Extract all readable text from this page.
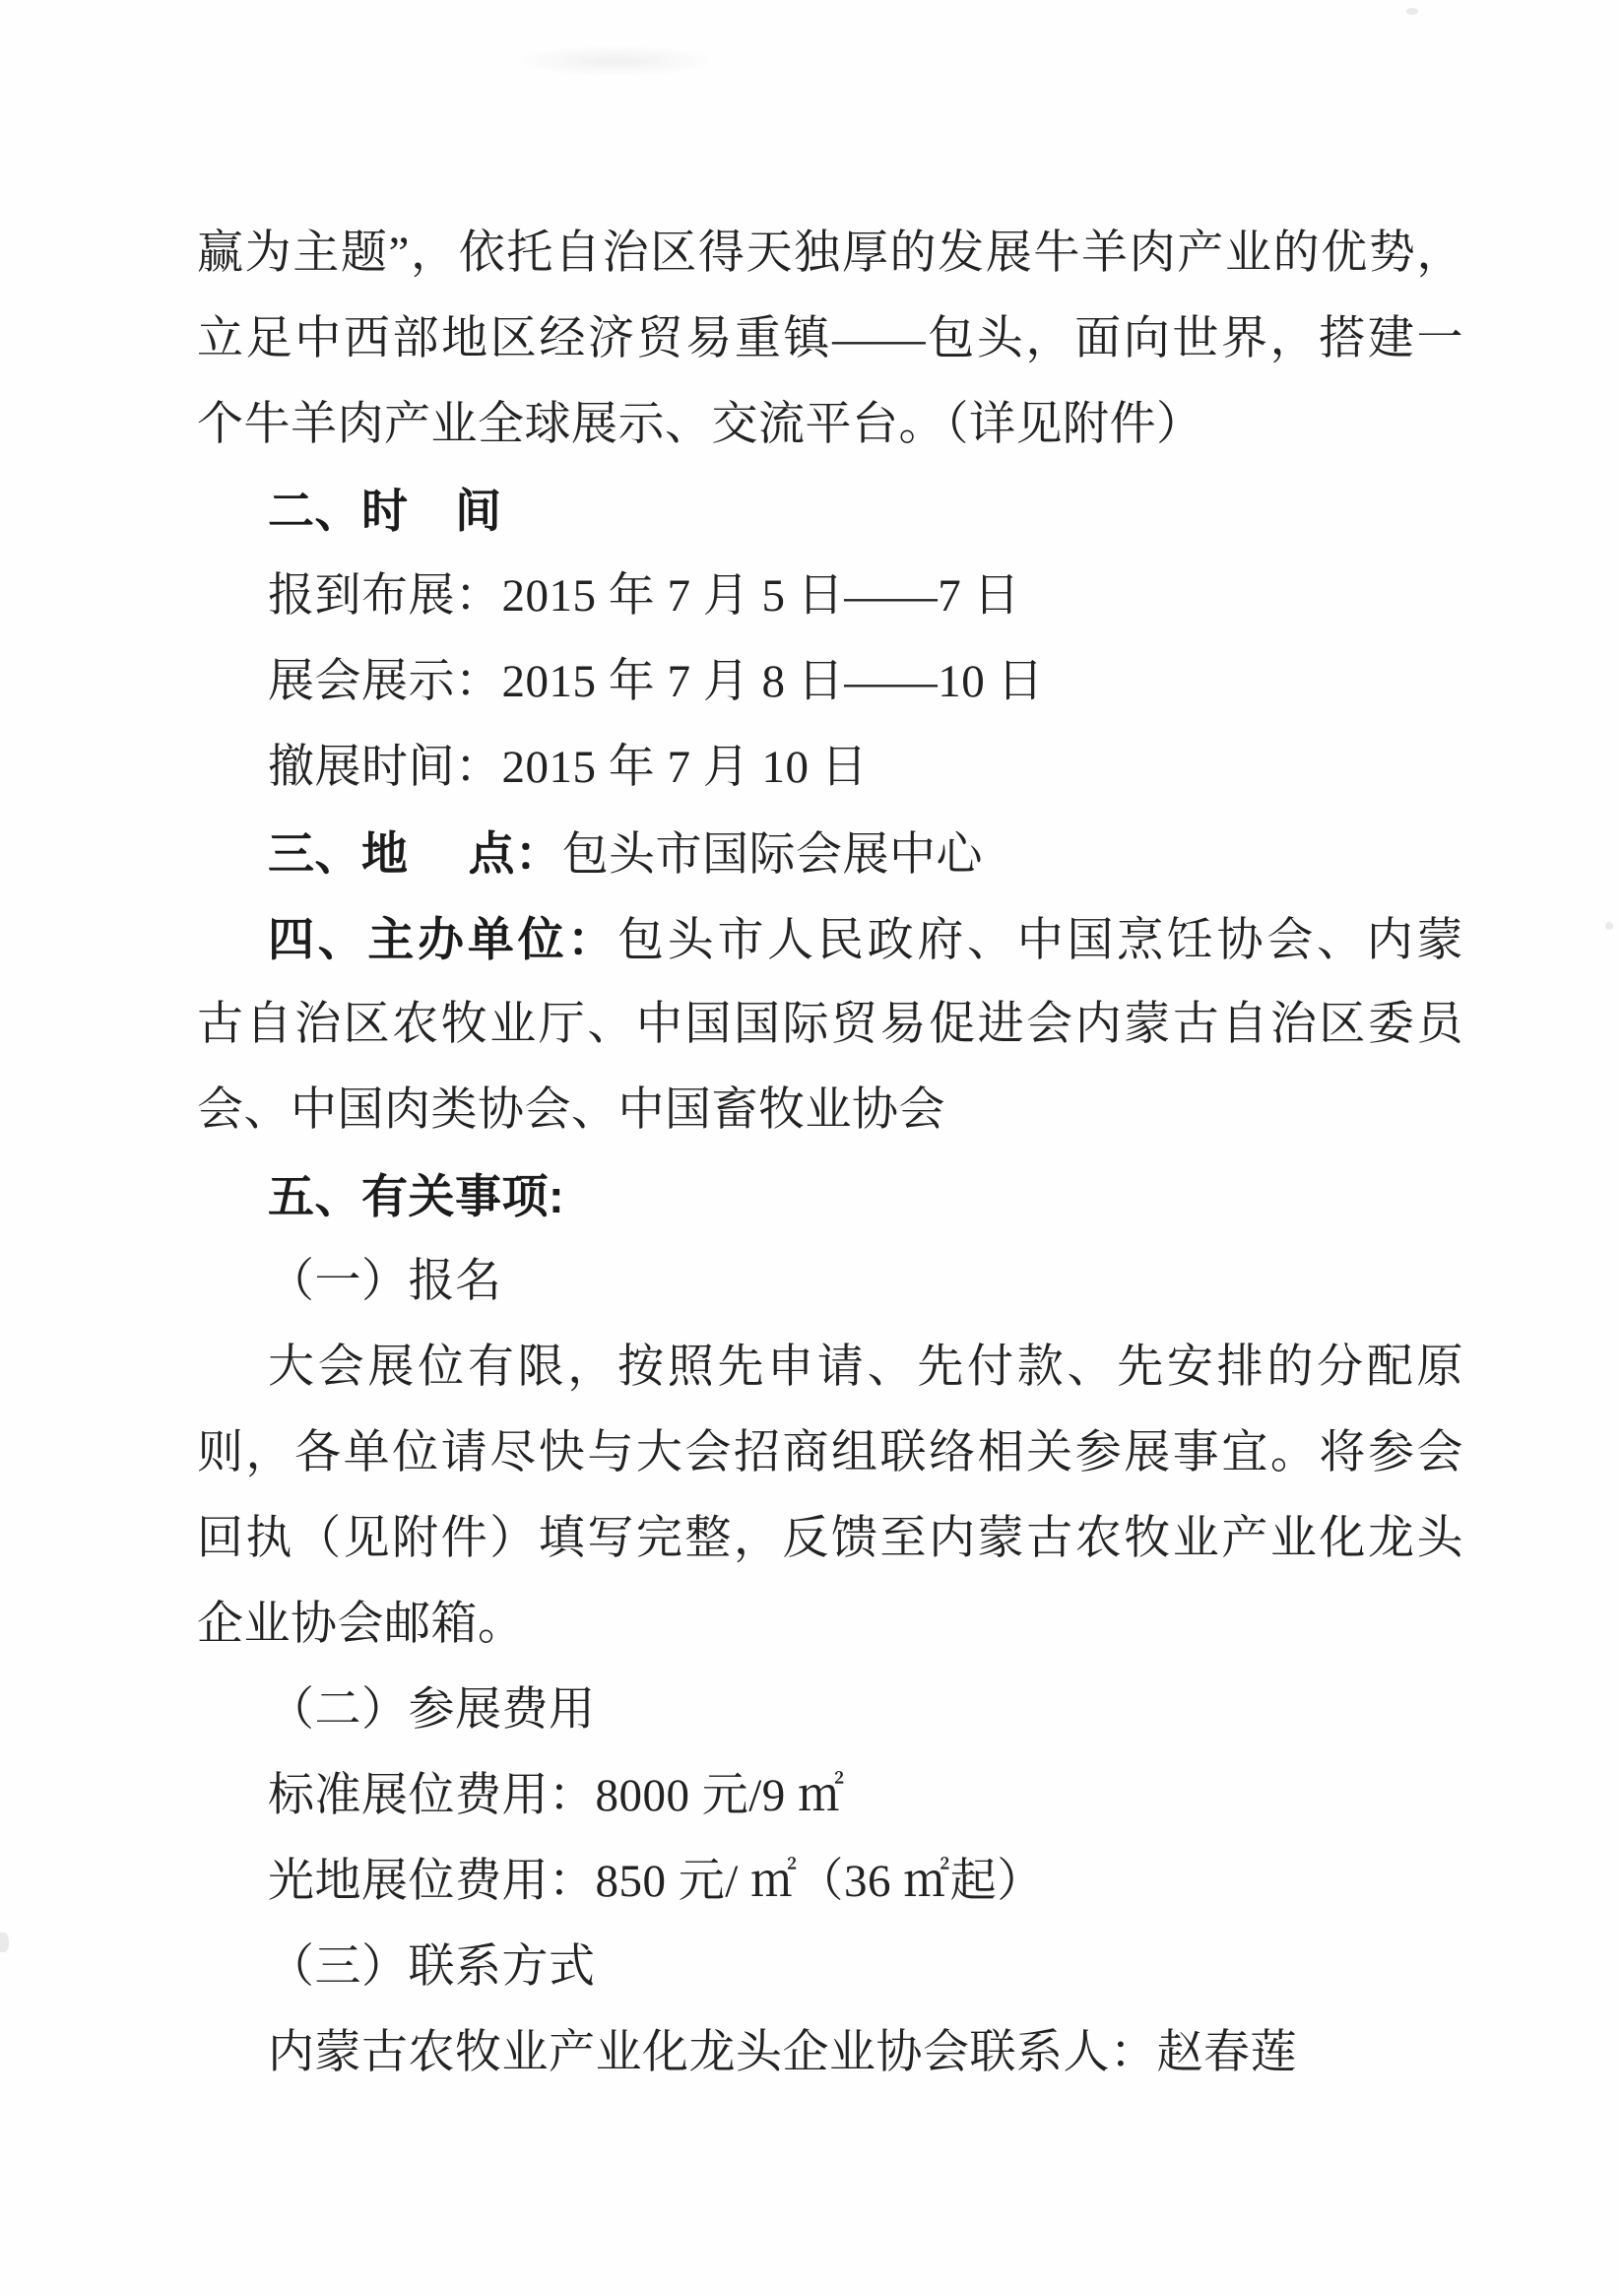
赢为主题”，依托自治区得天独厚的发展牛羊肉产业的优势，
立足中西部地区经济贸易重镇——包头，面向世界，搭建一
个牛羊肉产业全球展示、交流平台。（详见附件）
二、时　间
报到布展：2015 年 7 月 5 日——7 日
展会展示：2015 年 7 月 8 日——10 日
撤展时间：2015 年 7 月 10 日
三、地　 点：包头市国际会展中心
四、主办单位：包头市人民政府、中国烹饪协会、内蒙
古自治区农牧业厅、中国国际贸易促进会内蒙古自治区委员
会、中国肉类协会、中国畜牧业协会
五、有关事项:
（一）报名
大会展位有限，按照先申请、先付款、先安排的分配原
则，各单位请尽快与大会招商组联络相关参展事宜。将参会
回执（见附件）填写完整，反馈至内蒙古农牧业产业化龙头
企业协会邮箱。
（二）参展费用
标准展位费用：8000 元/9 ㎡
光地展位费用：850 元/ ㎡（36 ㎡起）
（三）联系方式
内蒙古农牧业产业化龙头企业协会联系人：赵春莲
